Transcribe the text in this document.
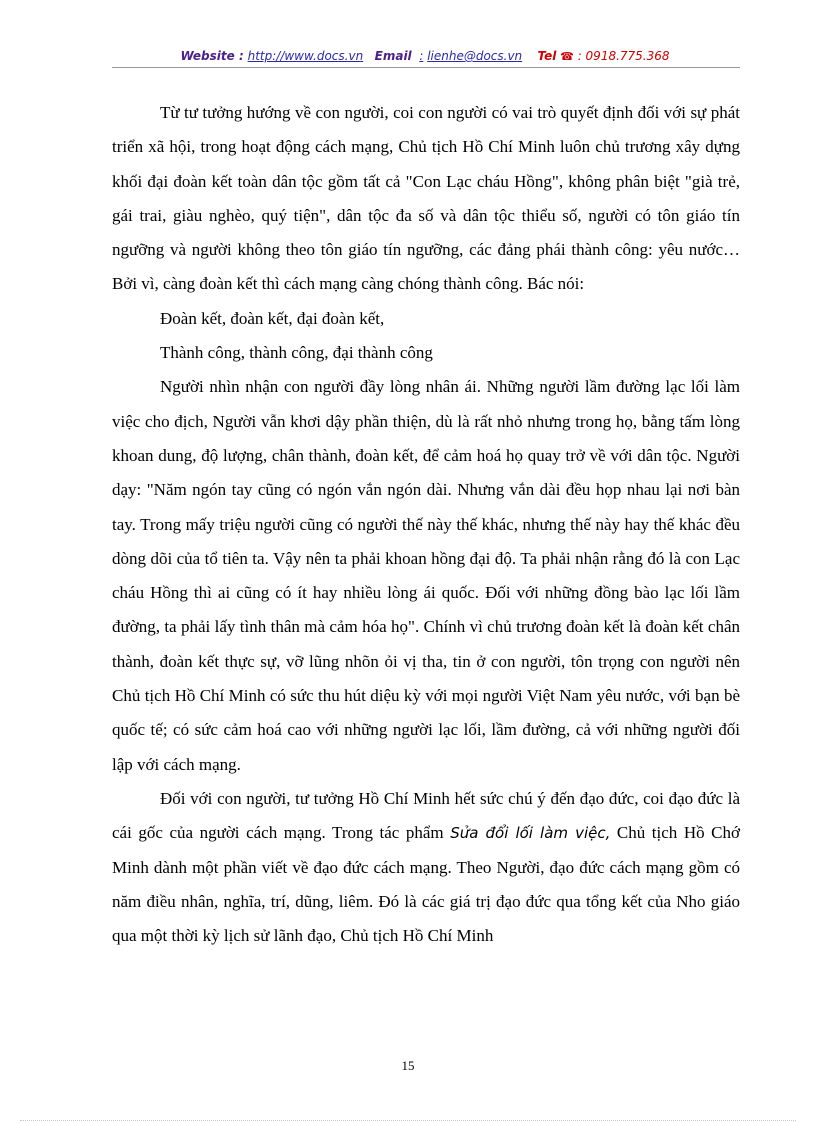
Website : http://www.docs.vn Email : lienhe@docs.vn Tel ☎ : 0918.775.368

Từ tư tưởng hướng về con người, coi con người có vai trò quyết định đối với sự phát triển xã hội, trong hoạt động cách mạng, Chủ tịch Hồ Chí Minh luôn chủ trương xây dựng khối đại đoàn kết toàn dân tộc gồm tất cả "Con Lạc cháu Hồng", không phân biệt "già trẻ, gái trai, giàu nghèo, quý tiện", dân tộc đa số và dân tộc thiểu số, người có tôn giáo tín ngưỡng và người không theo tôn giáo tín ngưỡng, các đảng phái thành công: yêu nước… Bởi vì, càng đoàn kết thì cách mạng càng chóng thành công. Bác nói:

Đoàn kết, đoàn kết, đại đoàn kết,

Thành công, thành công, đại thành công

Người nhìn nhận con người đầy lòng nhân ái. Những người lầm đường lạc lối làm việc cho địch, Người vẫn khơi dậy phần thiện, dù là rất nhỏ nhưng trong họ, bằng tấm lòng khoan dung, độ lượng, chân thành, đoàn kết, để cảm hoá họ quay trở về với dân tộc. Người dạy: "Năm ngón tay cũng có ngón vắn ngón dài. Nhưng vắn dài đều họp nhau lại nơi bàn tay. Trong mấy triệu người cũng có người thế này thế khác, nhưng thế này hay thế khác đều dòng dõi của tổ tiên ta. Vậy nên ta phải khoan hồng đại độ. Ta phải nhận rằng đó là con Lạc cháu Hồng thì ai cũng có ít hay nhiều lòng ái quốc. Đối với những đồng bào lạc lối lầm đường, ta phải lấy tình thân mà cảm hóa họ". Chính vì chủ trương đoàn kết là đoàn kết chân thành, đoàn kết thực sự, vỡ lũng nhõn ỏi vị tha, tin ở con người, tôn trọng con người nên Chủ tịch Hồ Chí Minh có sức thu hút diệu kỳ với mọi người Việt Nam yêu nước, với bạn bè quốc tế; có sức cảm hoá cao với những người lạc lối, lầm đường, cả với những người đối lập với cách mạng.

Đối với con người, tư tưởng Hồ Chí Minh hết sức chú ý đến đạo đức, coi đạo đức là cái gốc của người cách mạng. Trong tác phẩm Sửa đổi lối làm việc, Chủ tịch Hồ Chớ Minh dành một phần viết về đạo đức cách mạng. Theo Người, đạo đức cách mạng gồm có năm điều nhân, nghĩa, trí, dũng, liêm. Đó là các giá trị đạo đức qua tổng kết của Nho giáo qua một thời kỳ lịch sử lãnh đạo, Chủ tịch Hồ Chí Minh

15
